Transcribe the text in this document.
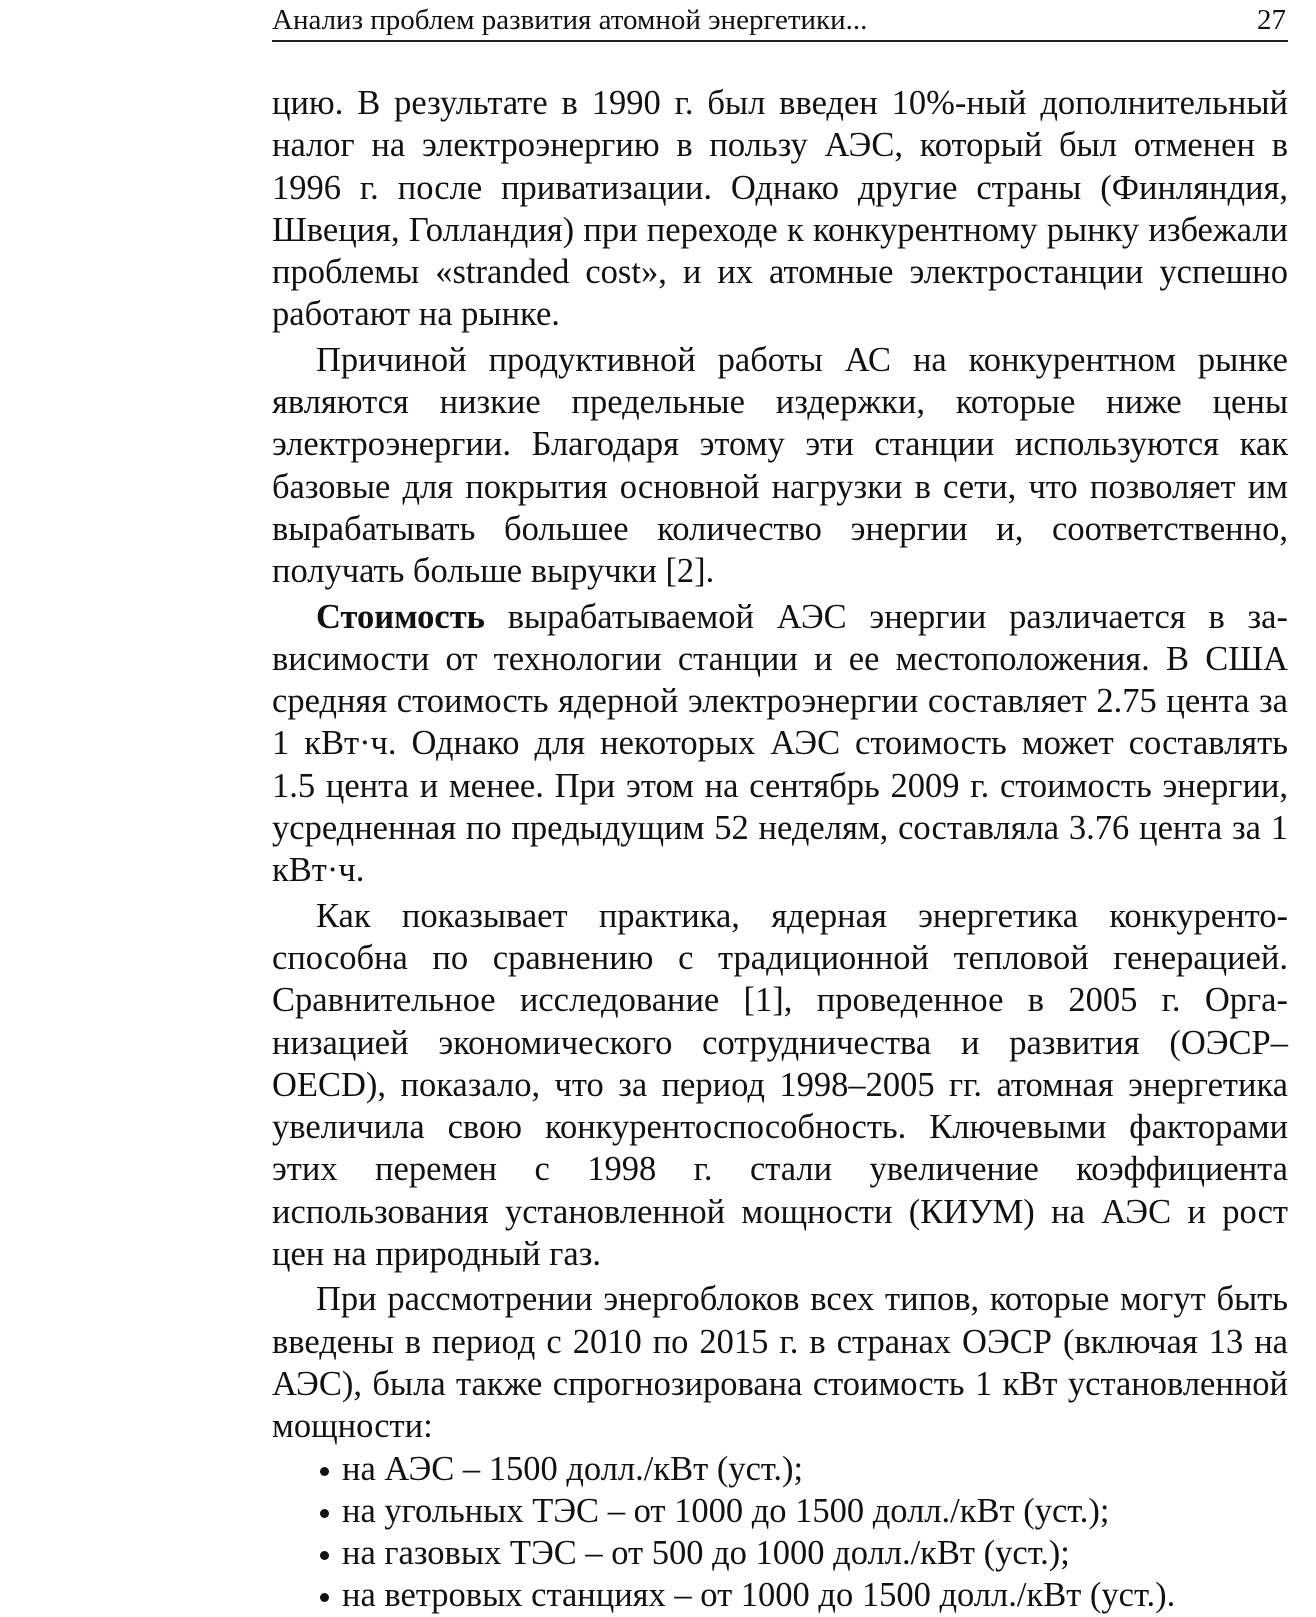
Анализ проблем развития атомной энергетики...	27

цию. В результате в 1990 г. был введен 10%-ный дополнительный налог на электроэнергию в пользу АЭС, который был отменен в 1996 г. после приватизации. Однако другие страны (Финляндия, Швеция, Голландия) при переходе к конкурентному рынку избежали проблемы «stranded cost», и их атомные электростанции успешно работают на рынке.

Причиной продуктивной работы АС на конкурентном рынке являются низкие предельные издержки, которые ниже цены электроэнергии. Благодаря этому эти станции используются как базовые для покрытия основной нагрузки в сети, что позволяет им вырабатывать большее количество энергии и, соответственно, получать больше выручки [2].

Стоимость вырабатываемой АЭС энергии различается в зависимости от технологии станции и ее местоположения. В США средняя стоимость ядерной электроэнергии составляет 2.75 цента за 1 кВт·ч. Однако для некоторых АЭС стоимость может составлять 1.5 цента и менее. При этом на сентябрь 2009 г. стоимость энергии, усредненная по предыдущим 52 неделям, составляла 3.76 цента за 1 кВт·ч.

Как показывает практика, ядерная энергетика конкурентоспособна по сравнению с традиционной тепловой генерацией. Сравнительное исследование [1], проведенное в 2005 г. Организацией экономического сотрудничества и развития (ОЭСР–OECD), показало, что за период 1998–2005 гг. атомная энергетика увеличила свою конкурентоспособность. Ключевыми факторами этих перемен с 1998 г. стали увеличение коэффициента использования установленной мощности (КИУМ) на АЭС и рост цен на природный газ.

При рассмотрении энергоблоков всех типов, которые могут быть введены в период с 2010 по 2015 г. в странах ОЭСР (включая 13 на АЭС), была также спрогнозирована стоимость 1 кВт установленной мощности:

на АЭС – 1500 долл./кВт (уст.);
на угольных ТЭС – от 1000 до 1500 долл./кВт (уст.);
на газовых ТЭС – от 500 до 1000 долл./кВт (уст.);
на ветровых станциях – от 1000 до 1500 долл./кВт (уст.).
